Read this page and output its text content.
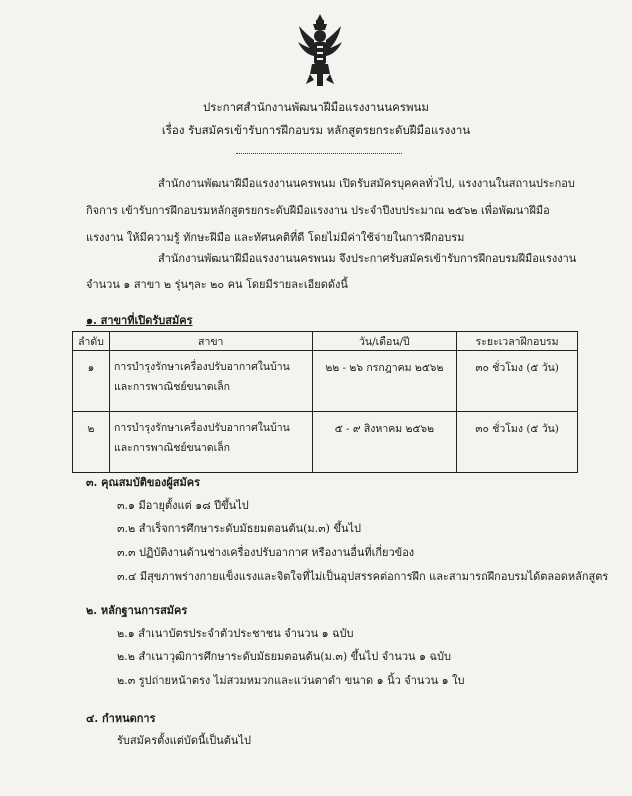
ประกาศสำนักงานพัฒนาฝีมือแรงงานนครพนม
เรื่อง รับสมัครเข้ารับการฝึกอบรม หลักสูตรยกระดับฝีมือแรงงาน
สำนักงานพัฒนาฝีมือแรงงานนครพนม เปิดรับสมัครบุคคลทั่วไป, แรงงานในสถานประกอบ
กิจการ เข้ารับการฝึกอบรมหลักสูตรยกระดับฝีมือแรงงาน ประจำปีงบประมาณ ๒๕๖๒ เพื่อพัฒนาฝีมือ
แรงงาน ให้มีความรู้ ทักษะฝีมือ และทัศนคติที่ดี โดยไม่มีค่าใช้จ่ายในการฝึกอบรม
สำนักงานพัฒนาฝีมือแรงงานนครพนม จึงประกาศรับสมัครเข้ารับการฝึกอบรมฝีมือแรงงาน
จำนวน ๑ สาขา ๒ รุ่นๆละ ๒๐ คน โดยมีรายละเอียดดังนี้
๑. สาขาที่เปิดรับสมัคร
ลำดับ	สาขา	วัน/เดือน/ปี	ระยะเวลาฝึกอบรม
๑	การบำรุงรักษาเครื่องปรับอากาศในบ้าน
และการพาณิชย์ขนาดเล็ก	๒๒ - ๒๖ กรกฎาคม ๒๕๖๒	๓๐ ชั่วโมง (๕ วัน)
๒	การบำรุงรักษาเครื่องปรับอากาศในบ้าน
และการพาณิชย์ขนาดเล็ก	๕ - ๙ สิงหาคม ๒๕๖๒	๓๐ ชั่วโมง (๕ วัน)
๓. คุณสมบัติของผู้สมัคร
๓.๑ มีอายุตั้งแต่ ๑๘ ปีขึ้นไป
๓.๒ สำเร็จการศึกษาระดับมัธยมตอนต้น(ม.๓) ขึ้นไป
๓.๓ ปฏิบัติงานด้านช่างเครื่องปรับอากาศ หรืองานอื่นที่เกี่ยวข้อง
๓.๔ มีสุขภาพร่างกายแข็งแรงและจิตใจที่ไม่เป็นอุปสรรคต่อการฝึก และสามารถฝึกอบรมได้ตลอดหลักสูตร
๒. หลักฐานการสมัคร
๒.๑ สำเนาบัตรประจำตัวประชาชน จำนวน ๑ ฉบับ
๒.๒ สำเนาวุฒิการศึกษาระดับมัธยมตอนต้น(ม.๓) ขึ้นไป จำนวน ๑ ฉบับ
๒.๓ รูปถ่ายหน้าตรง ไม่สวมหมวกและแว่นตาดำ ขนาด ๑ นิ้ว จำนวน ๑ ใบ
๔. กำหนดการ
รับสมัครตั้งแต่บัดนี้เป็นต้นไป
